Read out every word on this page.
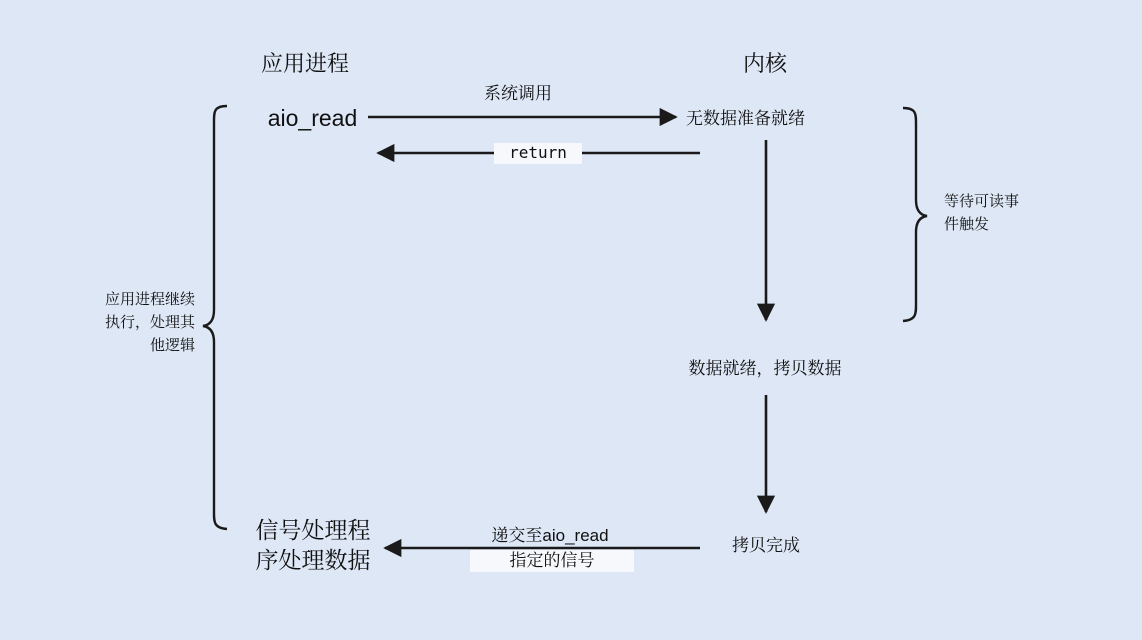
应用进程	内核
aio_read	无数据准备就绪
数据就绪，拷贝数据
拷贝完成
信号处理程
序处理数据
系统调用
return
递交至aio_read
指定的信号
应用进程继续
执行，处理其
他逻辑
等待可读事
件触发
